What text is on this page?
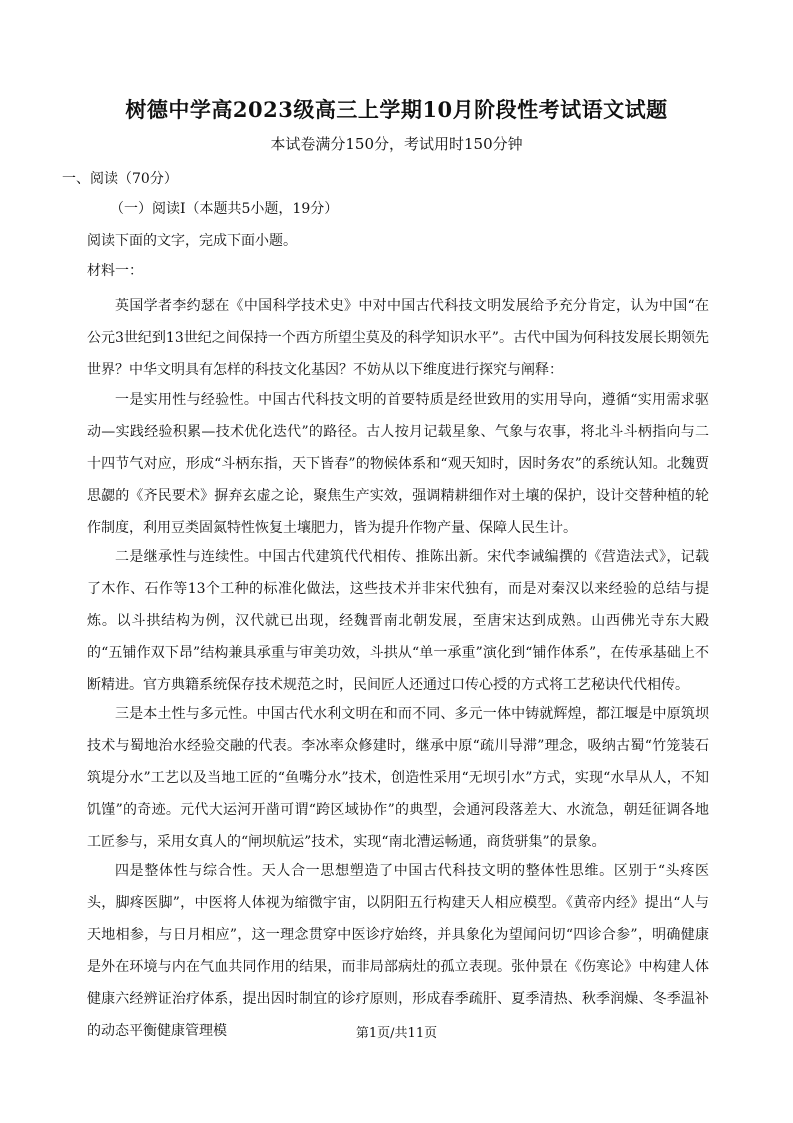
树德中学高2023级高三上学期10月阶段性考试语文试题
本试卷满分150分，考试用时150分钟
一、阅读（70分）
（一）阅读Ⅰ（本题共5小题，19分）
阅读下面的文字，完成下面小题。
材料一：
英国学者李约瑟在《中国科学技术史》中对中国古代科技文明发展给予充分肯定，认为中国“在公元3世纪到13世纪之间保持一个西方所望尘莫及的科学知识水平”。古代中国为何科技发展长期领先世界？中华文明具有怎样的科技文化基因？不妨从以下维度进行探究与阐释：
一是实用性与经验性。中国古代科技文明的首要特质是经世致用的实用导向，遵循“实用需求驱动—实践经验积累—技术优化迭代”的路径。古人按月记载星象、气象与农事，将北斗斗柄指向与二十四节气对应，形成“斗柄东指，天下皆春”的物候体系和“观天知时，因时务农”的系统认知。北魏贾思勰的《齐民要术》摒弃玄虚之论，聚焦生产实效，强调精耕细作对土壤的保护，设计交替种植的轮作制度，利用豆类固氮特性恢复土壤肥力，皆为提升作物产量、保障人民生计。
二是继承性与连续性。中国古代建筑代代相传、推陈出新。宋代李诫编撰的《营造法式》，记载了木作、石作等13个工种的标准化做法，这些技术并非宋代独有，而是对秦汉以来经验的总结与提炼。以斗拱结构为例，汉代就已出现，经魏晋南北朝发展，至唐宋达到成熟。山西佛光寺东大殿的“五铺作双下昂”结构兼具承重与审美功效，斗拱从“单一承重”演化到“铺作体系”，在传承基础上不断精进。官方典籍系统保存技术规范之时，民间匠人还通过口传心授的方式将工艺秘诀代代相传。
三是本土性与多元性。中国古代水利文明在和而不同、多元一体中铸就辉煌，都江堰是中原筑坝技术与蜀地治水经验交融的代表。李冰率众修建时，继承中原“疏川导滞”理念，吸纳古蜀“竹笼装石筑堤分水”工艺以及当地工匠的“鱼嘴分水”技术，创造性采用“无坝引水”方式，实现“水旱从人，不知饥馑”的奇迹。元代大运河开凿可谓“跨区域协作”的典型，会通河段落差大、水流急，朝廷征调各地工匠参与，采用女真人的“闸坝航运”技术，实现“南北漕运畅通，商货骈集”的景象。
四是整体性与综合性。天人合一思想塑造了中国古代科技文明的整体性思维。区别于“头疼医头，脚疼医脚”，中医将人体视为缩微宇宙，以阴阳五行构建天人相应模型。《黄帝内经》提出“人与天地相参，与日月相应”，这一理念贯穿中医诊疗始终，并具象化为望闻问切“四诊合参”，明确健康是外在环境与内在气血共同作用的结果，而非局部病灶的孤立表现。张仲景在《伤寒论》中构建人体健康六经辨证治疗体系，提出因时制宜的诊疗原则，形成春季疏肝、夏季清热、秋季润燥、冬季温补的动态平衡健康管理模	第1页/共11页
